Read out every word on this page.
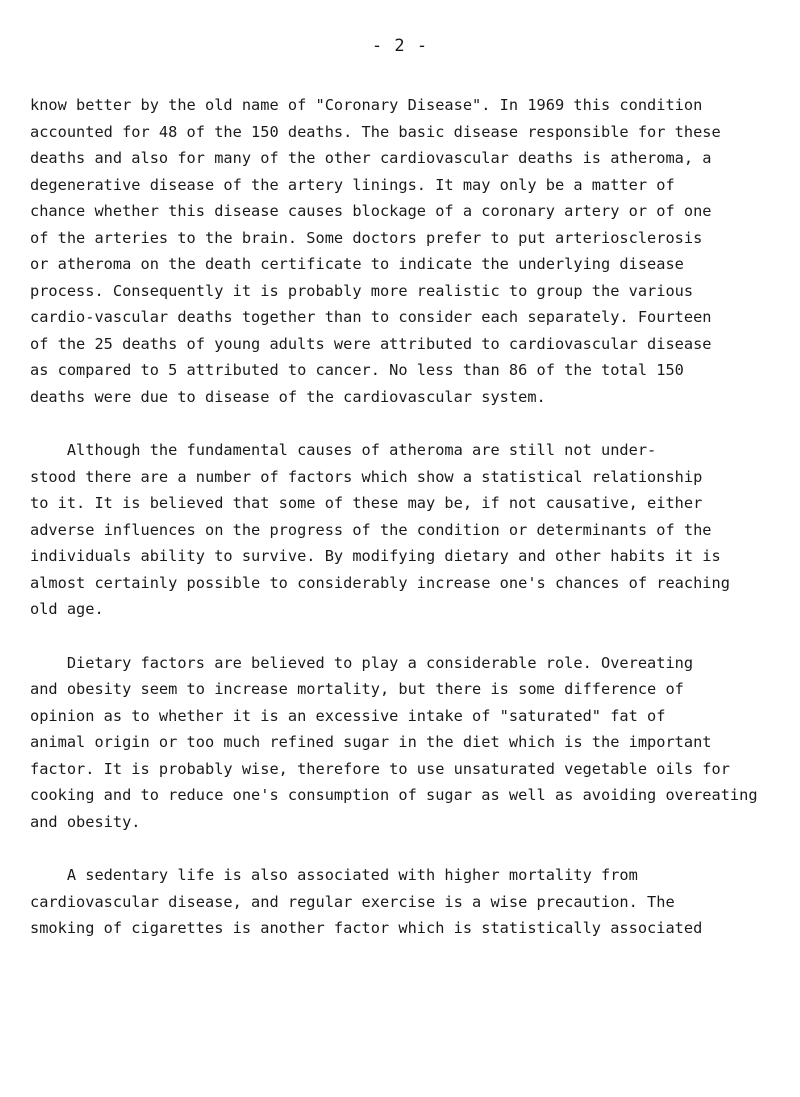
- 2 -
know better by the old name of "Coronary Disease". In 1969 this condition
accounted for 48 of the 150 deaths. The basic disease responsible for these
deaths and also for many of the other cardiovascular deaths is atheroma, a
degenerative disease of the artery linings. It may only be a matter of
chance whether this disease causes blockage of a coronary artery or of one
of the arteries to the brain. Some doctors prefer to put arteriosclerosis
or atheroma on the death certificate to indicate the underlying disease
process. Consequently it is probably more realistic to group the various
cardio-vascular deaths together than to consider each separately. Fourteen
of the 25 deaths of young adults were attributed to cardiovascular disease
as compared to 5 attributed to cancer. No less than 86 of the total 150
deaths were due to disease of the cardiovascular system.
Although the fundamental causes of atheroma are still not under-
stood there are a number of factors which show a statistical relationship
to it. It is believed that some of these may be, if not causative, either
adverse influences on the progress of the condition or determinants of the
individuals ability to survive. By modifying dietary and other habits it is
almost certainly possible to considerably increase one's chances of reaching
old age.
Dietary factors are believed to play a considerable role. Overeating
and obesity seem to increase mortality, but there is some difference of
opinion as to whether it is an excessive intake of "saturated" fat of
animal origin or too much refined sugar in the diet which is the important
factor. It is probably wise, therefore to use unsaturated vegetable oils for
cooking and to reduce one's consumption of sugar as well as avoiding overeating
and obesity.
A sedentary life is also associated with higher mortality from
cardiovascular disease, and regular exercise is a wise precaution. The
smoking of cigarettes is another factor which is statistically associated
